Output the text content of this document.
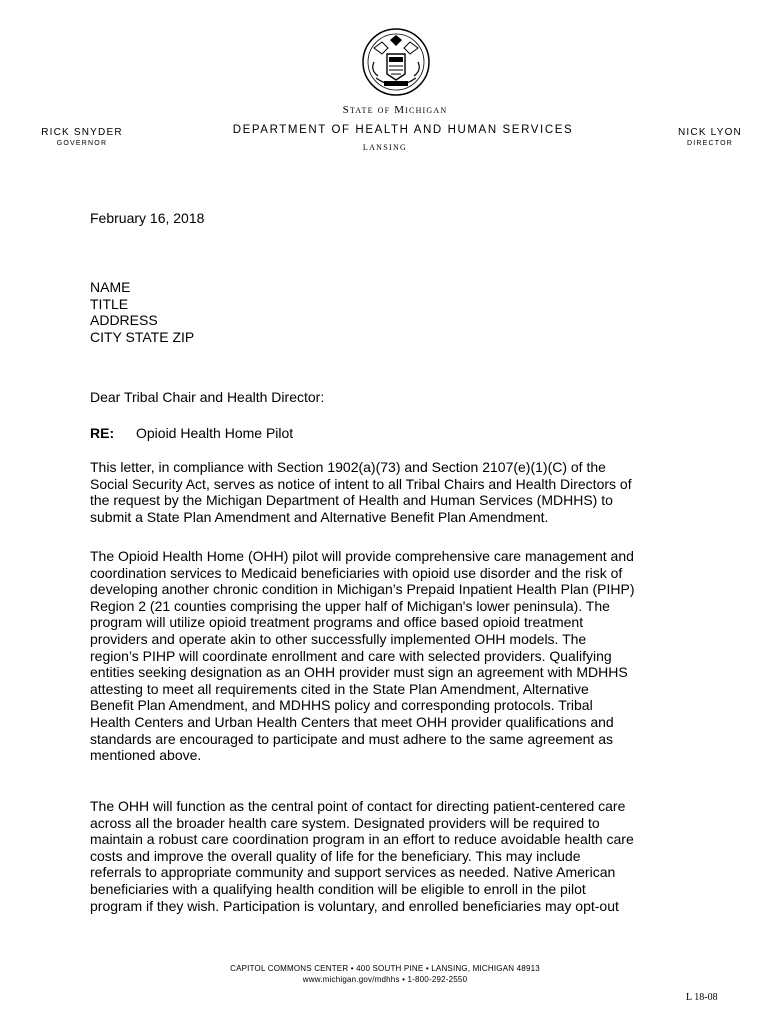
State of Michigan
DEPARTMENT OF HEALTH AND HUMAN SERVICES
LANSING
RICK SNYDER
GOVERNOR
NICK LYON
DIRECTOR
February 16, 2018
NAME
TITLE
ADDRESS
CITY STATE ZIP
Dear Tribal Chair and Health Director:
RE: Opioid Health Home Pilot

This letter, in compliance with Section 1902(a)(73) and Section 2107(e)(1)(C) of the

Social Security Act, serves as notice of intent to all Tribal Chairs and Health Directors of

the request by the Michigan Department of Health and Human Services (MDHHS) to

submit a State Plan Amendment and Alternative Benefit Plan Amendment.

The Opioid Health Home (OHH) pilot will provide comprehensive care management and

coordination services to Medicaid beneficiaries with opioid use disorder and the risk of

developing another chronic condition in Michigan’s Prepaid Inpatient Health Plan (PIHP)

Region 2 (21 counties comprising the upper half of Michigan's lower peninsula). The

program will utilize opioid treatment programs and office based opioid treatment

providers and operate akin to other successfully implemented OHH models. The

region’s PIHP will coordinate enrollment and care with selected providers. Qualifying

entities seeking designation as an OHH provider must sign an agreement with MDHHS

attesting to meet all requirements cited in the State Plan Amendment, Alternative

Benefit Plan Amendment, and MDHHS policy and corresponding protocols. Tribal

Health Centers and Urban Health Centers that meet OHH provider qualifications and

standards are encouraged to participate and must adhere to the same agreement as

mentioned above.

The OHH will function as the central point of contact for directing patient-centered care

across all the broader health care system. Designated providers will be required to

maintain a robust care coordination program in an effort to reduce avoidable health care

costs and improve the overall quality of life for the beneficiary. This may include

referrals to appropriate community and support services as needed. Native American

beneficiaries with a qualifying health condition will be eligible to enroll in the pilot

program if they wish. Participation is voluntary, and enrolled beneficiaries may opt-out

CAPITOL COMMONS CENTER • 400 SOUTH PINE • LANSING, MICHIGAN 48913
www.michigan.gov/mdhhs • 1-800-292-2550
L 18-08
